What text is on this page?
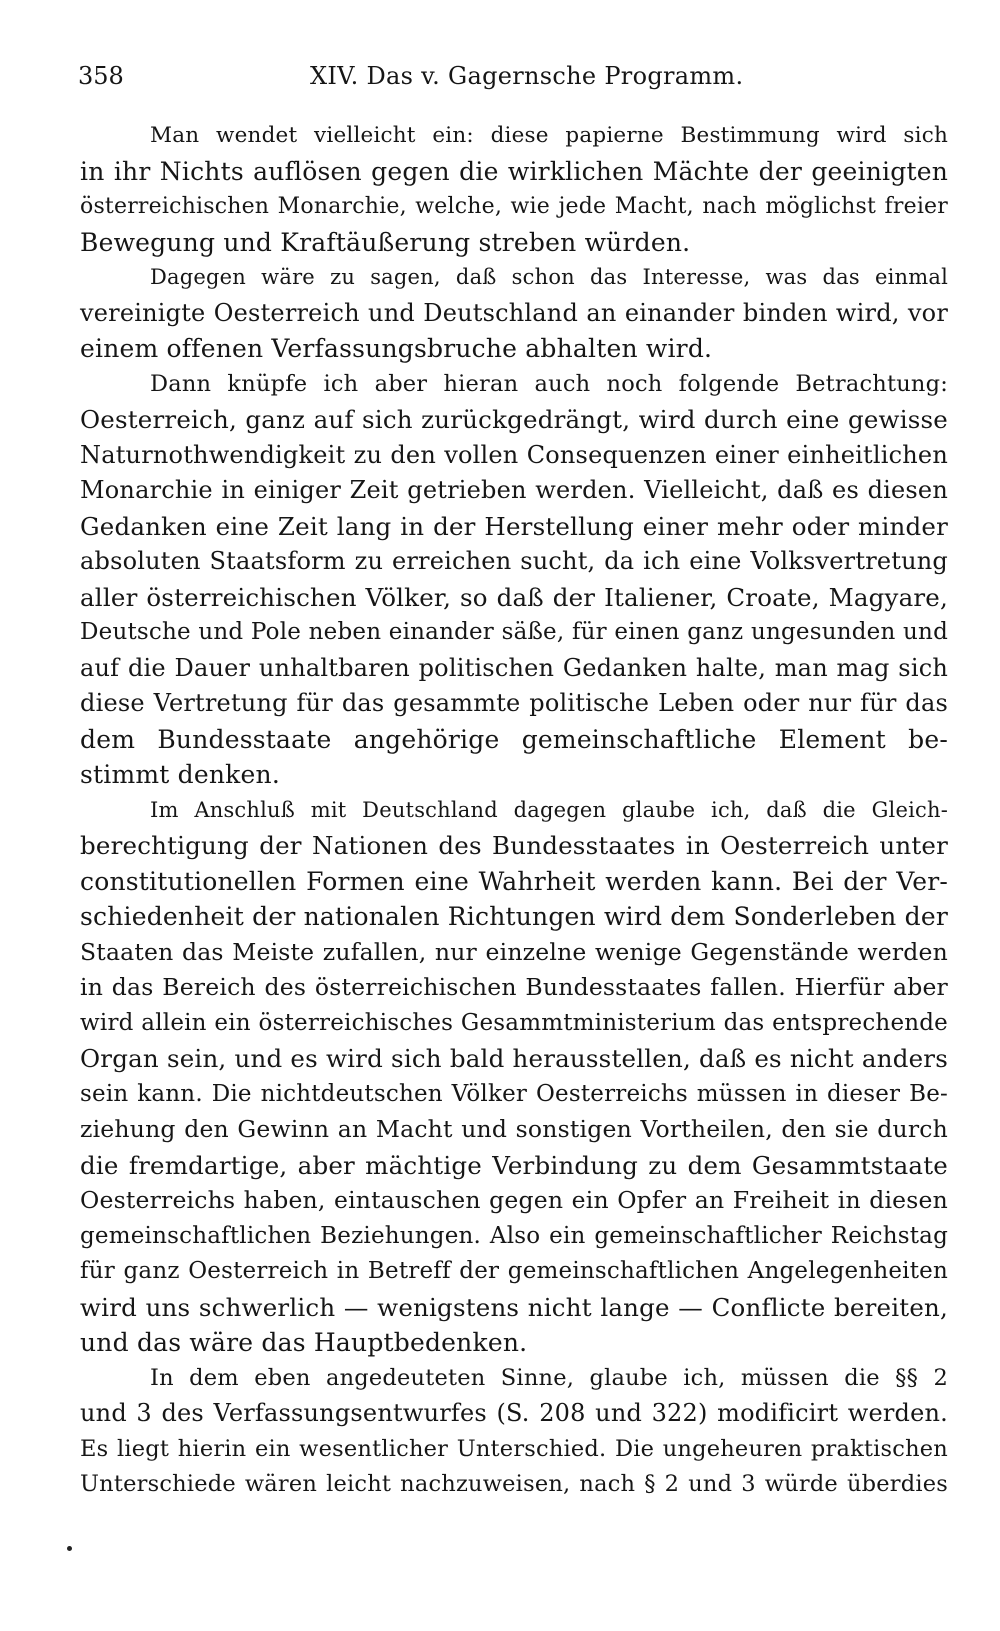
358	XIV. Das v. Gagernsche Programm.
Man wendet vielleicht ein: diese papierne Bestimmung wird sich
in ihr Nichts auflösen gegen die wirklichen Mächte der geeinigten
österreichischen Monarchie, welche, wie jede Macht, nach möglichst freier
Bewegung und Kraftäußerung streben würden.
Dagegen wäre zu sagen, daß schon das Interesse, was das einmal
vereinigte Oesterreich und Deutschland an einander binden wird, vor
einem offenen Verfassungsbruche abhalten wird.
Dann knüpfe ich aber hieran auch noch folgende Betrachtung:
Oesterreich, ganz auf sich zurückgedrängt, wird durch eine gewisse
Naturnothwendigkeit zu den vollen Consequenzen einer einheitlichen
Monarchie in einiger Zeit getrieben werden. Vielleicht, daß es diesen
Gedanken eine Zeit lang in der Herstellung einer mehr oder minder
absoluten Staatsform zu erreichen sucht, da ich eine Volksvertretung
aller österreichischen Völker, so daß der Italiener, Croate, Magyare,
Deutsche und Pole neben einander säße, für einen ganz ungesunden und
auf die Dauer unhaltbaren politischen Gedanken halte, man mag sich
diese Vertretung für das gesammte politische Leben oder nur für das
dem Bundesstaate angehörige gemeinschaftliche Element be-
stimmt denken.
Im Anschluß mit Deutschland dagegen glaube ich, daß die Gleich-
berechtigung der Nationen des Bundesstaates in Oesterreich unter
constitutionellen Formen eine Wahrheit werden kann. Bei der Ver-
schiedenheit der nationalen Richtungen wird dem Sonderleben der
Staaten das Meiste zufallen, nur einzelne wenige Gegenstände werden
in das Bereich des österreichischen Bundesstaates fallen. Hierfür aber
wird allein ein österreichisches Gesammtministerium das entsprechende
Organ sein, und es wird sich bald herausstellen, daß es nicht anders
sein kann. Die nichtdeutschen Völker Oesterreichs müssen in dieser Be-
ziehung den Gewinn an Macht und sonstigen Vortheilen, den sie durch
die fremdartige, aber mächtige Verbindung zu dem Gesammtstaate
Oesterreichs haben, eintauschen gegen ein Opfer an Freiheit in diesen
gemeinschaftlichen Beziehungen. Also ein gemeinschaftlicher Reichstag
für ganz Oesterreich in Betreff der gemeinschaftlichen Angelegenheiten
wird uns schwerlich — wenigstens nicht lange — Conflicte bereiten,
und das wäre das Hauptbedenken.
In dem eben angedeuteten Sinne, glaube ich, müssen die §§ 2
und 3 des Verfassungsentwurfes (S. 208 und 322) modificirt werden.
Es liegt hierin ein wesentlicher Unterschied. Die ungeheuren praktischen
Unterschiede wären leicht nachzuweisen, nach § 2 und 3 würde überdies
